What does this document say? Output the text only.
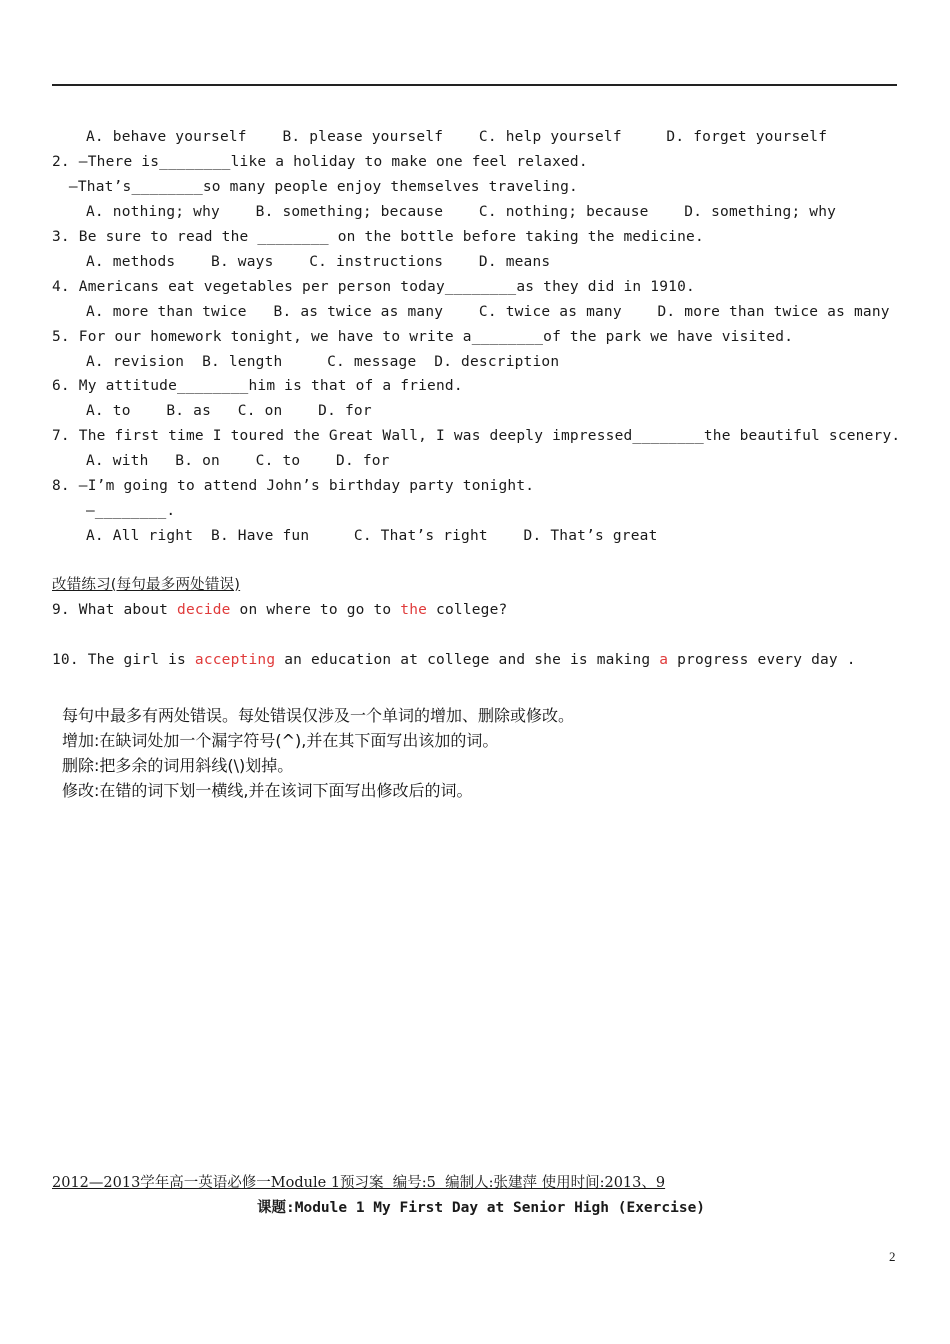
A. behave yourself    B. please yourself    C. help yourself     D. forget yourself
2. —There is________like a holiday to make one feel relaxed.
—That’s________so many people enjoy themselves traveling.
A. nothing; why    B. something; because    C. nothing; because    D. something; why
3. Be sure to read the ________ on the bottle before taking the medicine.
A. methods    B. ways    C. instructions    D. means
4. Americans eat vegetables per person today________as they did in 1910.
A. more than twice   B. as twice as many    C. twice as many    D. more than twice as many
5. For our homework tonight, we have to write a________of the park we have visited.
A. revision  B. length     C. message  D. description
6. My attitude________him is that of a friend.
A. to    B. as   C. on    D. for
7. The first time I toured the Great Wall, I was deeply impressed________the beautiful scenery.
A. with   B. on    C. to    D. for
8. —I’m going to attend John’s birthday party tonight.
—________.
A. All right  B. Have fun     C. That’s right    D. That’s great
改错练习(每句最多两处错误)
9. What about decide on where to go to the college?
10. The girl is accepting an education at college and she is making a progress every day .
每句中最多有两处错误。每处错误仅涉及一个单词的增加、删除或修改。
增加:在缺词处加一个漏字符号(^),并在其下面写出该加的词。
删除:把多余的词用斜线(\)划掉。
修改:在错的词下划一横线,并在该词下面写出修改后的词。
2012—2013学年高一英语必修一Module 1预习案  编号:5  编制人:张建萍 使用时间:2013、9
课题:Module 1 My First Day at Senior High (Exercise)
2
